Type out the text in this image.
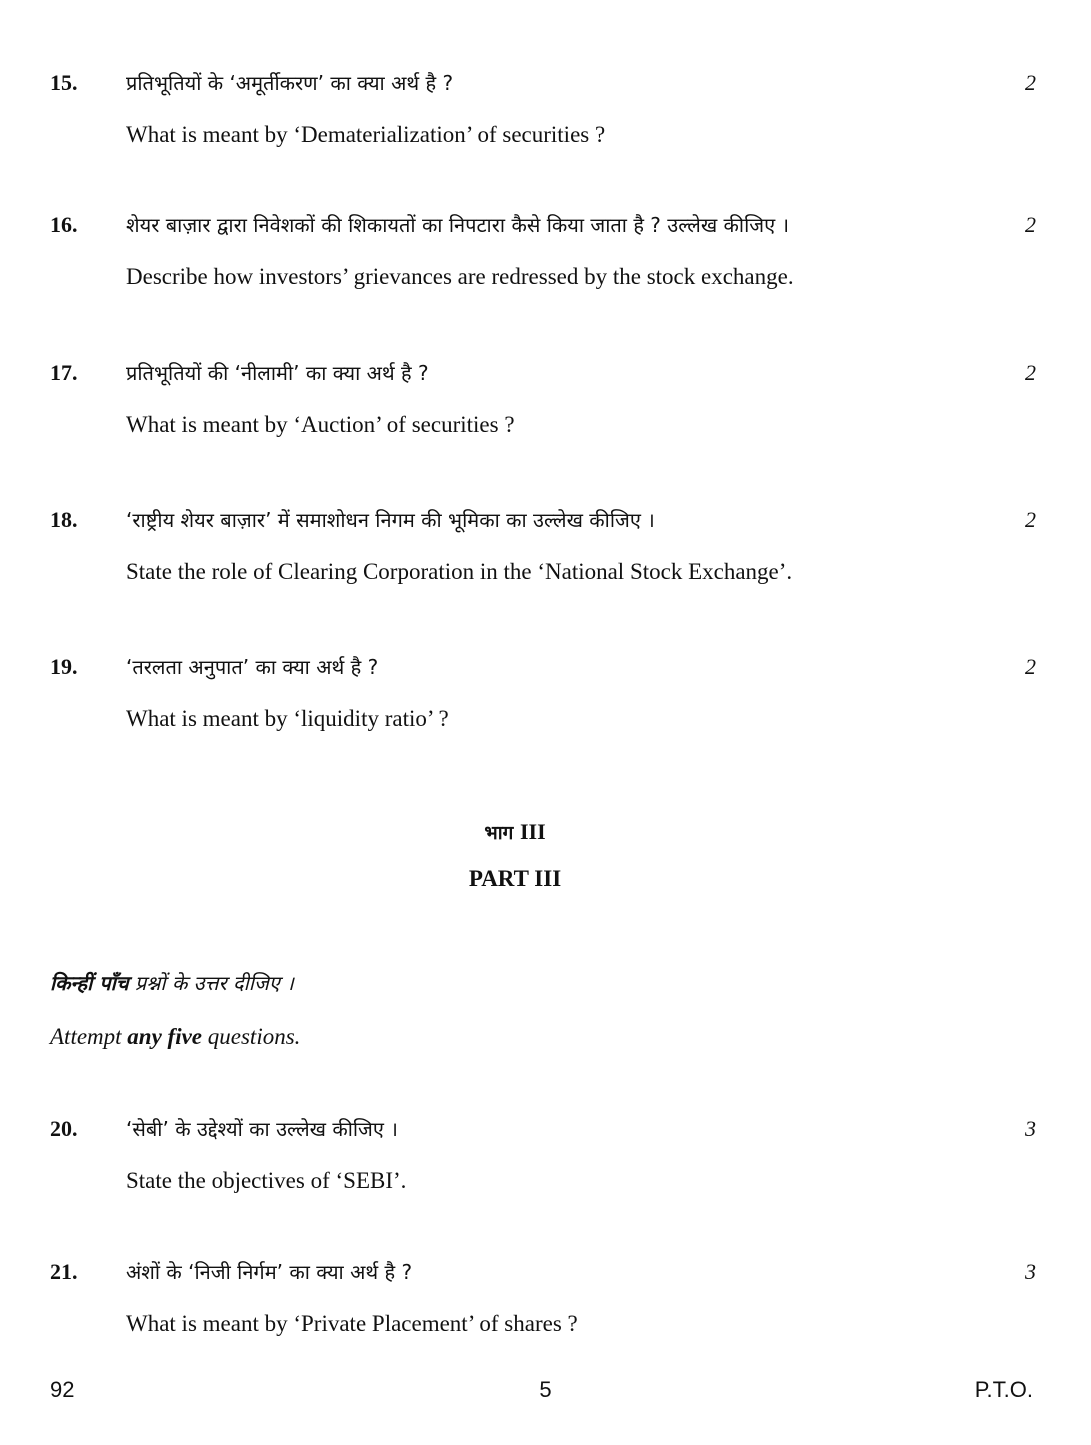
15. प्रतिभूतियों के ‘अमूर्तीकरण’ का क्या अर्थ है ?
What is meant by ‘Dematerialization’ of securities ?
2
16. शेयर बाज़ार द्वारा निवेशकों की शिकायतों का निपटारा कैसे किया जाता है ? उल्लेख कीजिए ।
Describe how investors’ grievances are redressed by the stock exchange.
2
17. प्रतिभूतियों की ‘नीलामी’ का क्या अर्थ है ?
What is meant by ‘Auction’ of securities ?
2
18. ‘राष्ट्रीय शेयर बाज़ार’ में समाशोधन निगम की भूमिका का उल्लेख कीजिए ।
State the role of Clearing Corporation in the ‘National Stock Exchange’.
2
19. ‘तरलता अनुपात’ का क्या अर्थ है ?
What is meant by ‘liquidity ratio’ ?
2
भाग III
PART III
किन्हीं पाँच प्रश्नों के उत्तर दीजिए ।
Attempt any five questions.
20. ‘सेबी’ के उद्देश्यों का उल्लेख कीजिए ।
State the objectives of ‘SEBI’.
3
21. अंशों के ‘निजी निर्गम’ का क्या अर्थ है ?
What is meant by ‘Private Placement’ of shares ?
3
92	5	P.T.O.
